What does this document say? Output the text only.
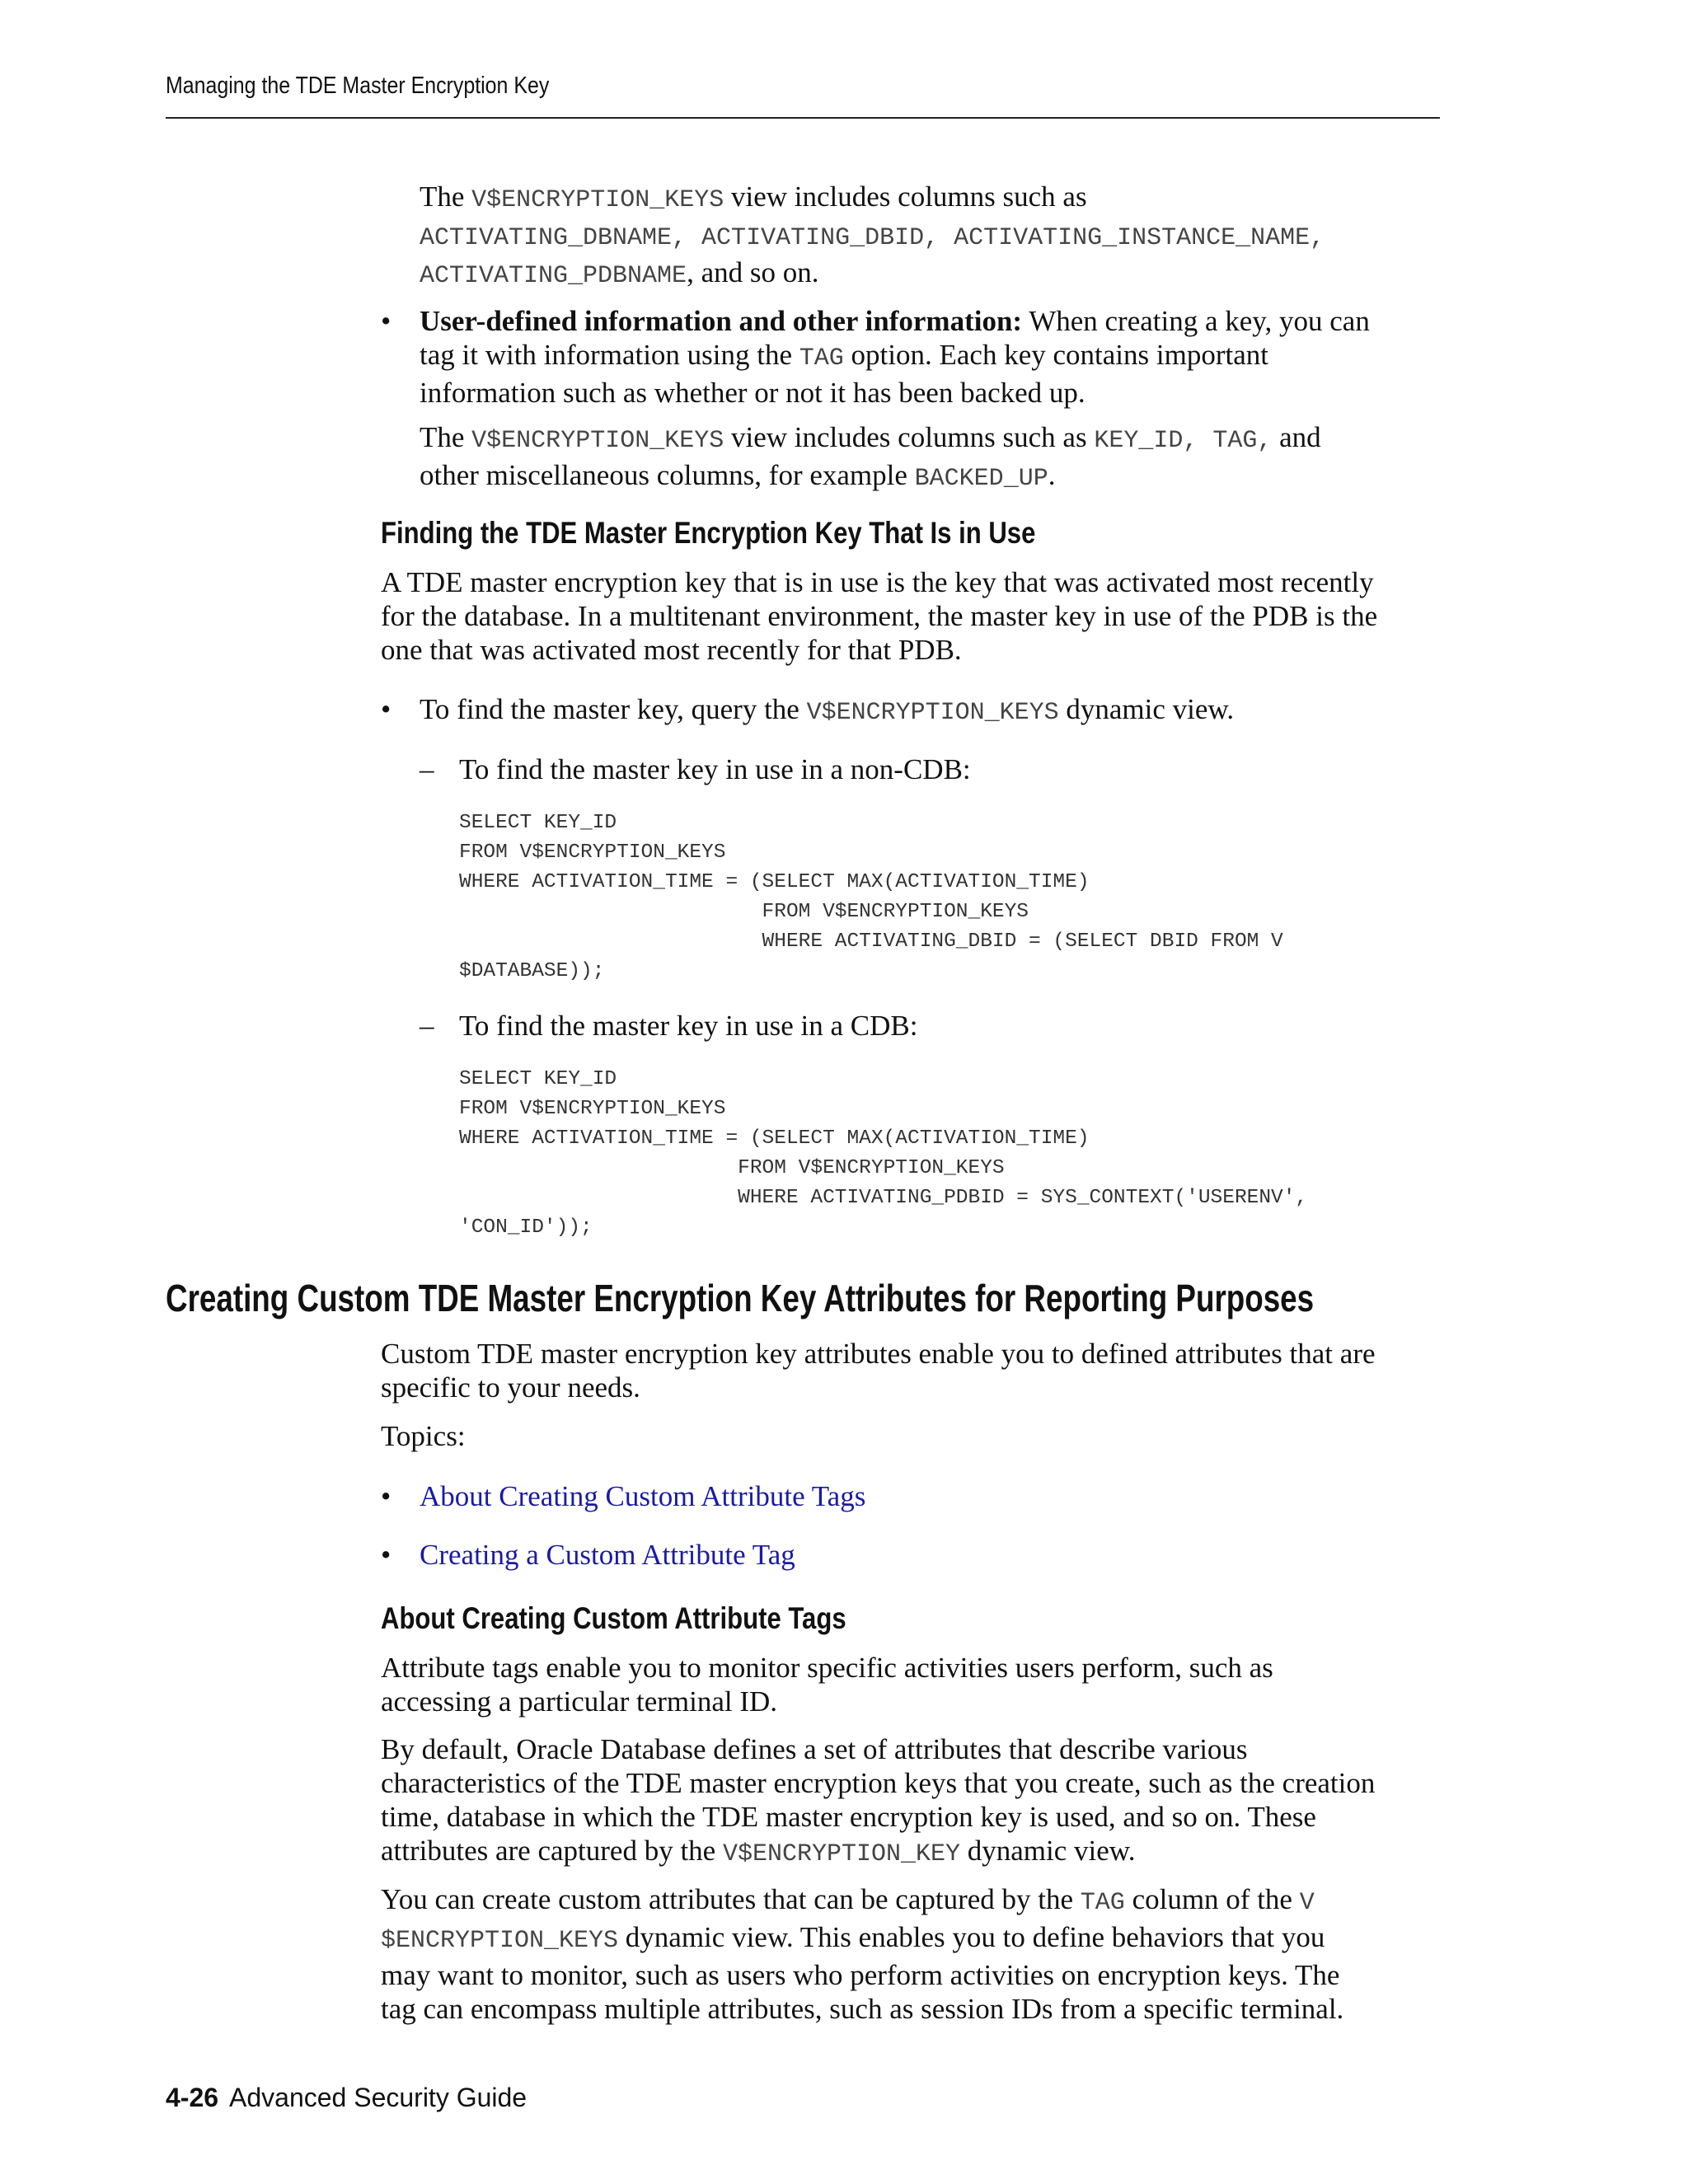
Managing the TDE Master Encryption Key
The V$ENCRYPTION_KEYS view includes columns such as
ACTIVATING_DBNAME, ACTIVATING_DBID, ACTIVATING_INSTANCE_NAME,
ACTIVATING_PDBNAME, and so on.
• User-defined information and other information: When creating a key, you can
tag it with information using the TAG option. Each key contains important
information such as whether or not it has been backed up.
The V$ENCRYPTION_KEYS view includes columns such as KEY_ID, TAG, and
other miscellaneous columns, for example BACKED_UP.
Finding the TDE Master Encryption Key That Is in Use
A TDE master encryption key that is in use is the key that was activated most recently
for the database. In a multitenant environment, the master key in use of the PDB is the
one that was activated most recently for that PDB.
• To find the master key, query the V$ENCRYPTION_KEYS dynamic view.
– To find the master key in use in a non-CDB:
SELECT KEY_ID
FROM V$ENCRYPTION_KEYS
WHERE ACTIVATION_TIME = (SELECT MAX(ACTIVATION_TIME)
FROM V$ENCRYPTION_KEYS
WHERE ACTIVATING_DBID = (SELECT DBID FROM V
$DATABASE));
– To find the master key in use in a CDB:
SELECT KEY_ID
FROM V$ENCRYPTION_KEYS
WHERE ACTIVATION_TIME = (SELECT MAX(ACTIVATION_TIME)
FROM V$ENCRYPTION_KEYS
WHERE ACTIVATING_PDBID = SYS_CONTEXT('USERENV',
'CON_ID'));
Creating Custom TDE Master Encryption Key Attributes for Reporting Purposes
Custom TDE master encryption key attributes enable you to defined attributes that are
specific to your needs.
Topics:
• About Creating Custom Attribute Tags
• Creating a Custom Attribute Tag
About Creating Custom Attribute Tags
Attribute tags enable you to monitor specific activities users perform, such as
accessing a particular terminal ID.
By default, Oracle Database defines a set of attributes that describe various
characteristics of the TDE master encryption keys that you create, such as the creation
time, database in which the TDE master encryption key is used, and so on. These
attributes are captured by the V$ENCRYPTION_KEY dynamic view.
You can create custom attributes that can be captured by the TAG column of the V
$ENCRYPTION_KEYS dynamic view. This enables you to define behaviors that you
may want to monitor, such as users who perform activities on encryption keys. The
tag can encompass multiple attributes, such as session IDs from a specific terminal.
4-26 Advanced Security Guide
